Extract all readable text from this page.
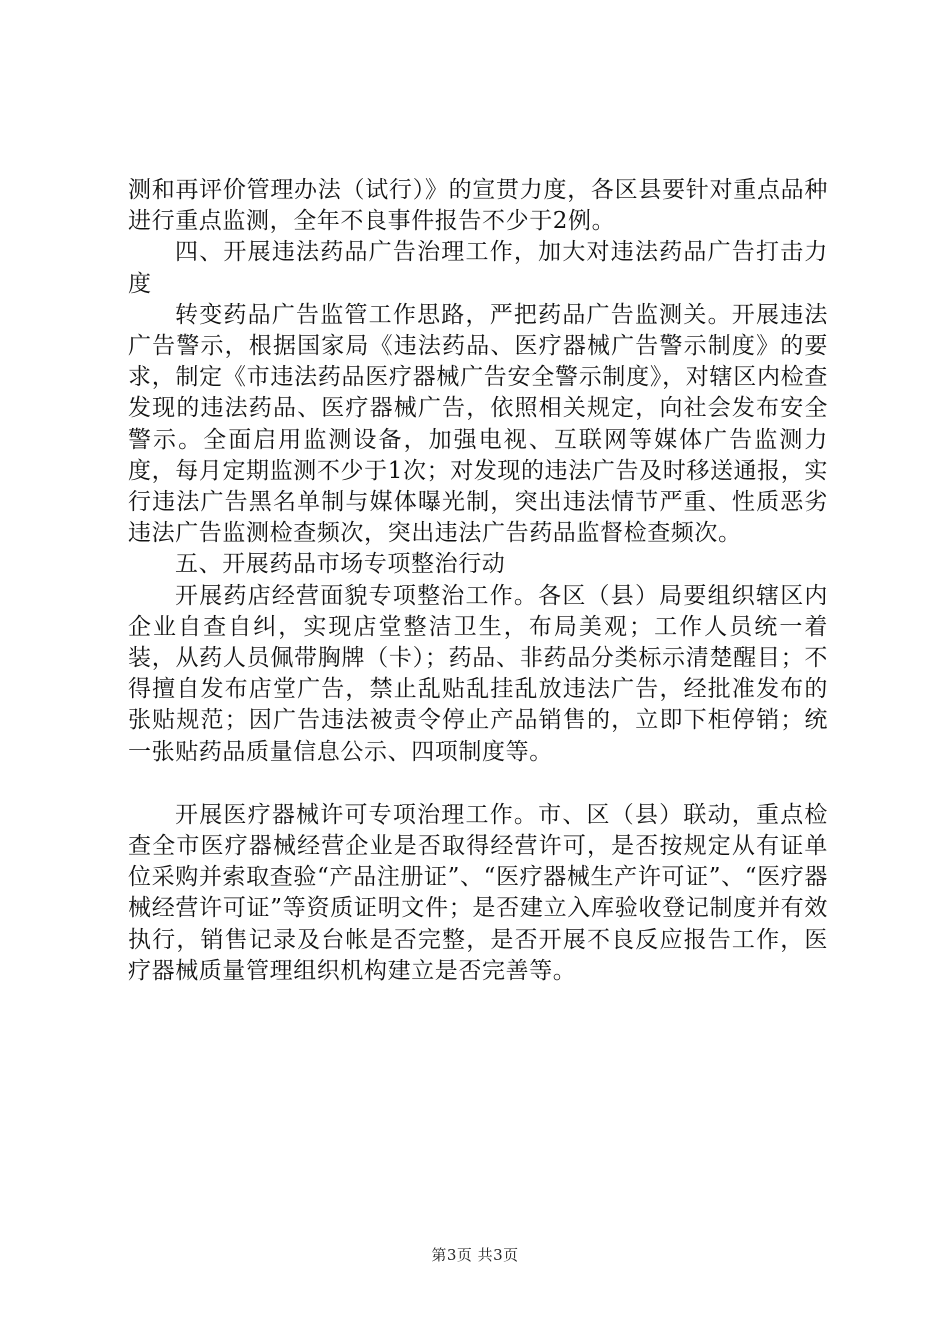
测和再评价管理办法（试行）》的宣贯力度，各区县要针对重点品种进行重点监测，全年不良事件报告不少于2例。

四、开展违法药品广告治理工作，加大对违法药品广告打击力度

转变药品广告监管工作思路，严把药品广告监测关。开展违法广告警示，根据国家局《违法药品、医疗器械广告警示制度》的要求，制定《市违法药品医疗器械广告安全警示制度》，对辖区内检查发现的违法药品、医疗器械广告，依照相关规定，向社会发布安全警示。全面启用监测设备，加强电视、互联网等媒体广告监测力度，每月定期监测不少于1次；对发现的违法广告及时移送通报，实行违法广告黑名单制与媒体曝光制，突出违法情节严重、性质恶劣违法广告监测检查频次，突出违法广告药品监督检查频次。

五、开展药品市场专项整治行动

开展药店经营面貌专项整治工作。各区（县）局要组织辖区内企业自查自纠，实现店堂整洁卫生，布局美观；工作人员统一着装，从药人员佩带胸牌（卡）；药品、非药品分类标示清楚醒目；不得擅自发布店堂广告，禁止乱贴乱挂乱放违法广告，经批准发布的张贴规范；因广告违法被责令停止产品销售的，立即下柜停销；统一张贴药品质量信息公示、四项制度等。

开展医疗器械许可专项治理工作。市、区（县）联动，重点检查全市医疗器械经营企业是否取得经营许可，是否按规定从有证单位采购并索取查验“产品注册证”、“医疗器械生产许可证”、“医疗器械经营许可证”等资质证明文件；是否建立入库验收登记制度并有效执行，销售记录及台帐是否完整，是否开展不良反应报告工作，医疗器械质量管理组织机构建立是否完善等。

第3页 共3页
